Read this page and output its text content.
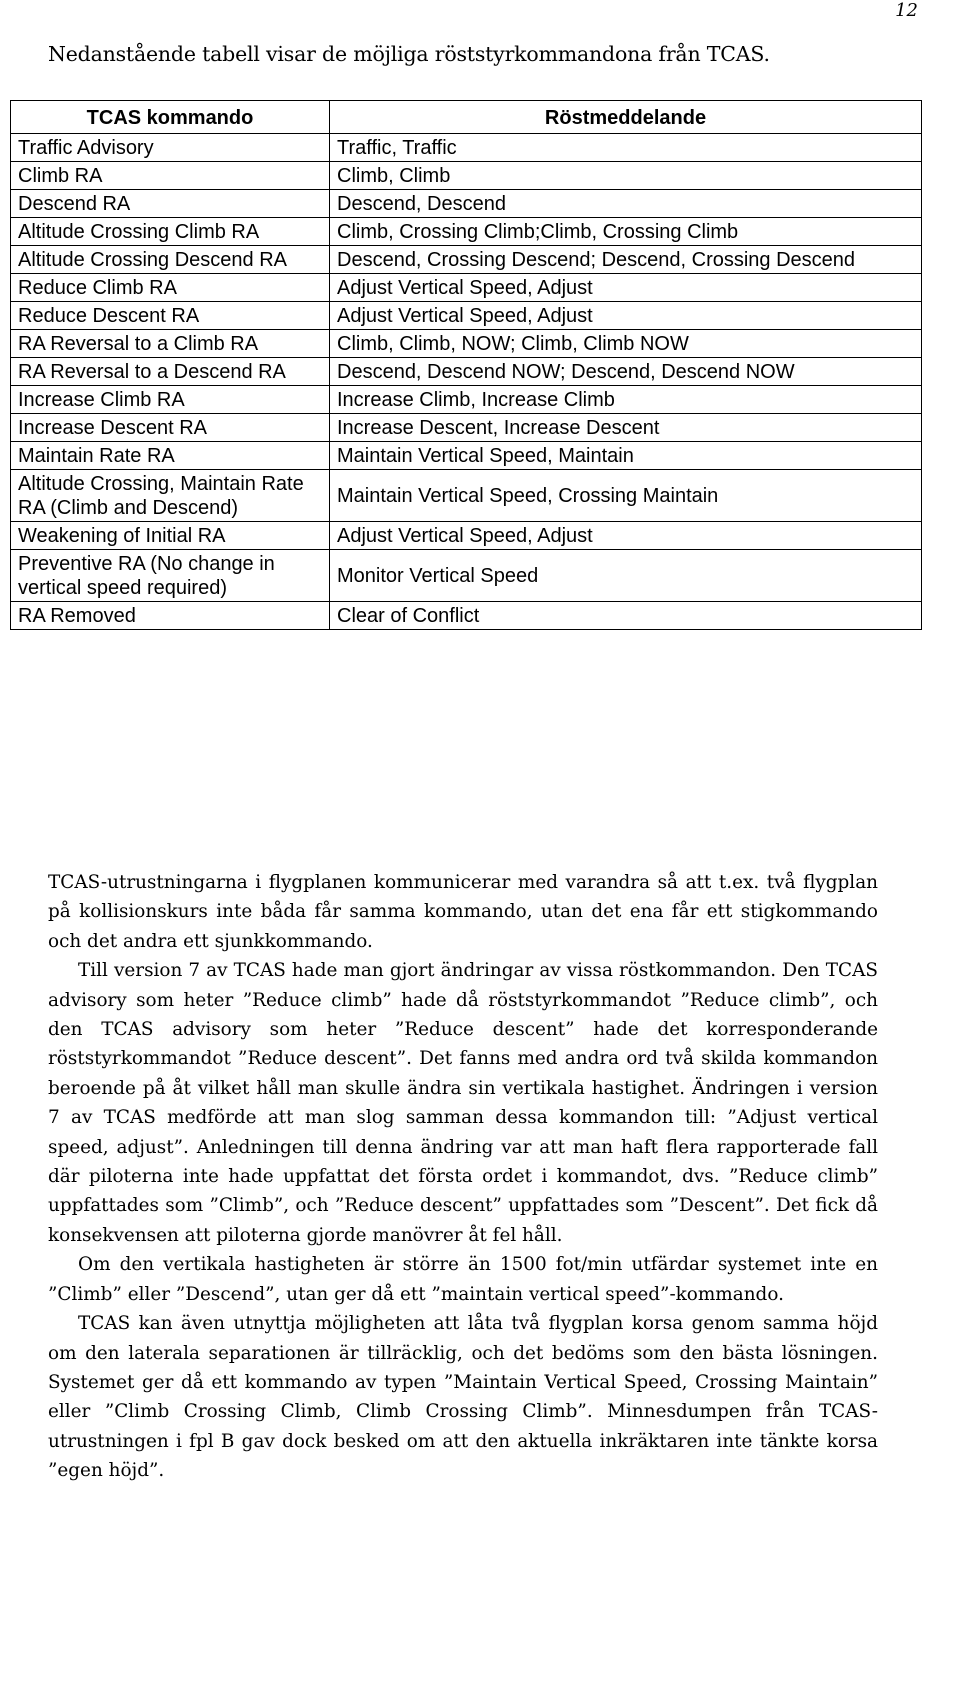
12
Nedanstående tabell visar de möjliga röststyrkommandona från TCAS.
TCAS kommando	Röstmeddelande
Traffic Advisory	Traffic, Traffic
Climb RA	Climb, Climb
Descend RA	Descend, Descend
Altitude Crossing Climb RA	Climb, Crossing Climb;Climb, Crossing Climb
Altitude Crossing Descend RA	Descend, Crossing Descend; Descend, Crossing Descend
Reduce Climb RA	Adjust Vertical Speed, Adjust
Reduce Descent RA	Adjust Vertical Speed, Adjust
RA Reversal to a Climb RA	Climb, Climb, NOW; Climb, Climb NOW
RA Reversal to a Descend RA	Descend, Descend NOW; Descend, Descend NOW
Increase Climb RA	Increase Climb, Increase Climb
Increase Descent RA	Increase Descent, Increase Descent
Maintain Rate RA	Maintain Vertical Speed, Maintain
Altitude Crossing, Maintain Rate RA (Climb and Descend)	Maintain Vertical Speed, Crossing Maintain
Weakening of Initial RA	Adjust Vertical Speed, Adjust
Preventive RA (No change in vertical speed required)	Monitor Vertical Speed
RA Removed	Clear of Conflict

TCAS-utrustningarna i flygplanen kommunicerar med varandra så att t.ex. två flygplan på kollisionskurs inte båda får samma kommando, utan det ena får ett stigkommando och det andra ett sjunkkommando.

Till version 7 av TCAS hade man gjort ändringar av vissa röstkommandon. Den TCAS advisory som heter ”Reduce climb” hade då röststyrkommandot ”Reduce climb”, och den TCAS advisory som heter ”Reduce descent” hade det korresponderande röststyrkommandot ”Reduce descent”. Det fanns med andra ord två skilda kommandon beroende på åt vilket håll man skulle ändra sin vertikala hastighet. Ändringen i version 7 av TCAS medförde att man slog samman dessa kommandon till: ”Adjust vertical speed, adjust”. Anledningen till denna ändring var att man haft flera rapporterade fall där piloterna inte hade uppfattat det första ordet i kommandot, dvs. ”Reduce climb” uppfattades som ”Climb”, och ”Reduce descent” uppfattades som ”Descent”. Det fick då konsekvensen att piloterna gjorde manövrer åt fel håll.

Om den vertikala hastigheten är större än 1500 fot/min utfärdar systemet inte en ”Climb” eller ”Descend”, utan ger då ett ”maintain vertical speed”-kommando.

TCAS kan även utnyttja möjligheten att låta två flygplan korsa genom samma höjd om den laterala separationen är tillräcklig, och det bedöms som den bästa lösningen. Systemet ger då ett kommando av typen ”Maintain Vertical Speed, Crossing Maintain” eller ”Climb Crossing Climb, Climb Crossing Climb”. Minnesdumpen från TCAS-utrustningen i fpl B gav dock besked om att den aktuella inkräktaren inte tänkte korsa ”egen höjd”.
